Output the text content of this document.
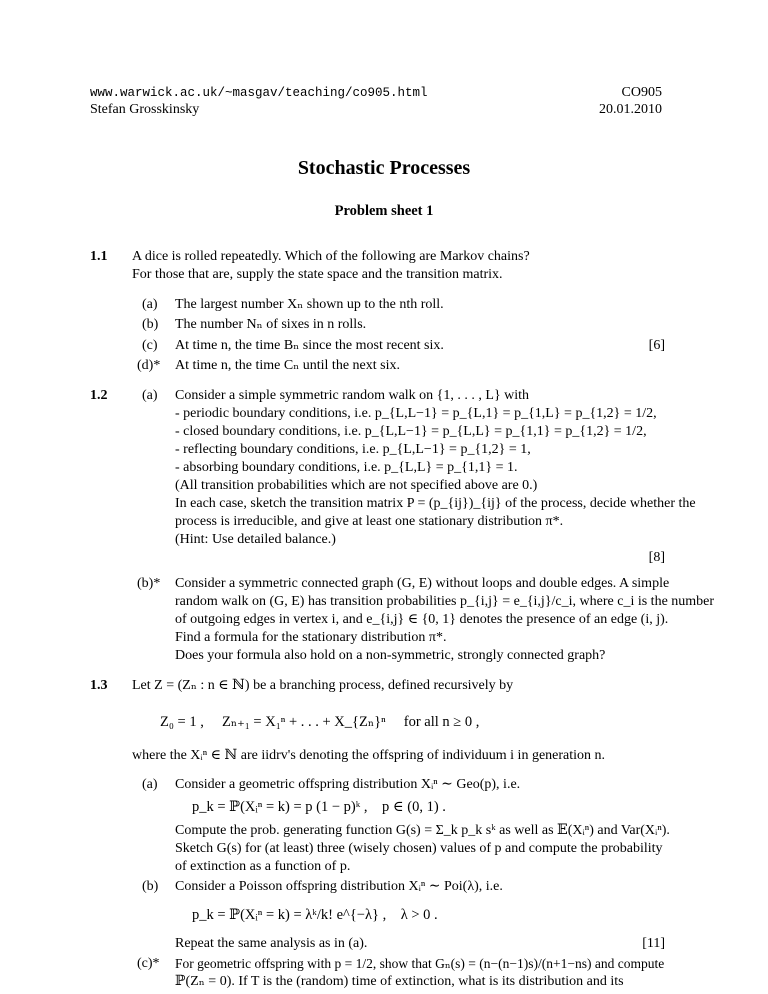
www.warwick.ac.uk/~masgav/teaching/co905.html
Stefan Grosskinsky
CO905
20.01.2010
Stochastic Processes
Problem sheet 1
1.1 A dice is rolled repeatedly. Which of the following are Markov chains?
For those that are, supply the state space and the transition matrix.
(a) The largest number Xₙ shown up to the nth roll.
(b) The number Nₙ of sixes in n rolls.
(c) At time n, the time Bₙ since the most recent six.
(d)* At time n, the time Cₙ until the next six.
[6]
1.2 (a) Consider a simple symmetric random walk on {1, . . . , L} with
- periodic boundary conditions, i.e. p_{L,L−1} = p_{L,1} = p_{1,L} = p_{1,2} = 1/2,
- closed boundary conditions, i.e. p_{L,L−1} = p_{L,L} = p_{1,1} = p_{1,2} = 1/2,
- reflecting boundary conditions, i.e. p_{L,L−1} = p_{1,2} = 1,
- absorbing boundary conditions, i.e. p_{L,L} = p_{1,1} = 1.
(All transition probabilities which are not specified above are 0.)
In each case, sketch the transition matrix P = (p_{ij})_{ij} of the process, decide whether the
process is irreducible, and give at least one stationary distribution π*.
(Hint: Use detailed balance.)
[8]
(b)* Consider a symmetric connected graph (G, E) without loops and double edges. A simple
random walk on (G, E) has transition probabilities p_{i,j} = e_{i,j}/c_i, where c_i is the number
of outgoing edges in vertex i, and e_{i,j} ∈ {0, 1} denotes the presence of an edge (i, j).
Find a formula for the stationary distribution π*.
Does your formula also hold on a non-symmetric, strongly connected graph?
1.3 Let Z = (Zₙ : n ∈ ℕ) be a branching process, defined recursively by
Z₀ = 1 ,     Zₙ₊₁ = X₁ⁿ + . . . + X_{Zₙ}ⁿ     for all n ≥ 0 ,
where the Xᵢⁿ ∈ ℕ are iidrv's denoting the offspring of individuum i in generation n.
(a) Consider a geometric offspring distribution Xᵢⁿ ∼ Geo(p), i.e.
p_k = ℙ(Xᵢⁿ = k) = p (1 − p)ᵏ ,    p ∈ (0, 1) .
Compute the prob. generating function G(s) = Σ_k p_k sᵏ as well as 𝔼(Xᵢⁿ) and Var(Xᵢⁿ).
Sketch G(s) for (at least) three (wisely chosen) values of p and compute the probability
of extinction as a function of p.
(b) Consider a Poisson offspring distribution Xᵢⁿ ∼ Poi(λ), i.e.
p_k = ℙ(Xᵢⁿ = k) = λᵏ/k! e^{−λ} ,    λ > 0 .
Repeat the same analysis as in (a).	[11]
(c)* For geometric offspring with p = 1/2, show that Gₙ(s) = (n−(n−1)s)/(n+1−ns) and compute
ℙ(Zₙ = 0). If T is the (random) time of extinction, what is its distribution and its
